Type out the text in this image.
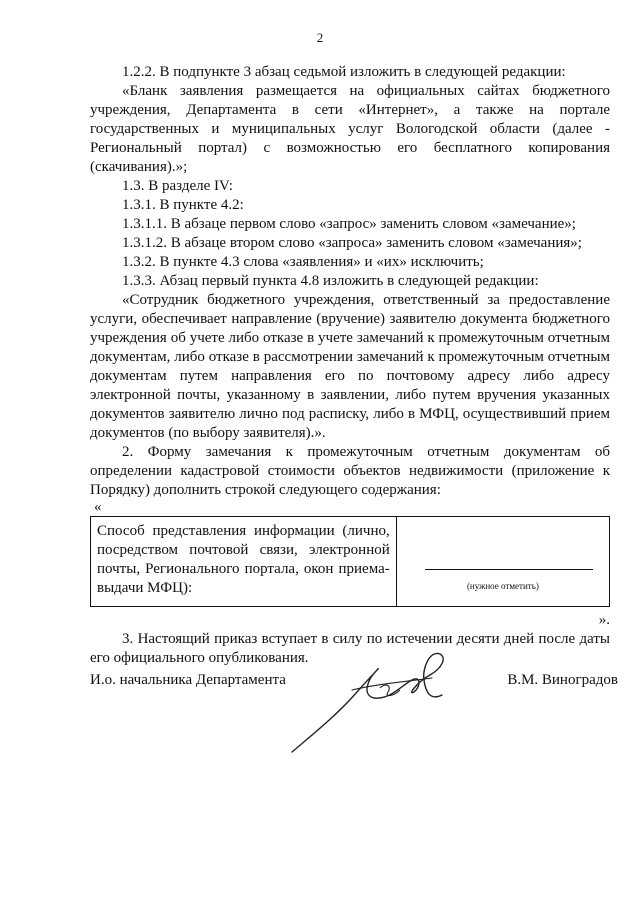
2

1.2.2. В подпункте 3 абзац седьмой изложить в следующей редакции:

«Бланк заявления размещается на официальных сайтах бюджетного учреждения, Департамента в сети «Интернет», а также на портале государственных и муниципальных услуг Вологодской области (далее - Региональный портал) с возможностью его бесплатного копирования (скачивания).»;

1.3. В разделе IV:

1.3.1. В пункте 4.2:

1.3.1.1. В абзаце первом слово «запрос» заменить словом «замечание»;

1.3.1.2. В абзаце втором слово «запроса» заменить словом «замечания»;

1.3.2. В пункте 4.3 слова «заявления» и «их» исключить;

1.3.3. Абзац первый пункта 4.8 изложить в следующей редакции:

«Сотрудник бюджетного учреждения, ответственный за предоставление услуги, обеспечивает направление (вручение) заявителю документа бюджетного учреждения об учете либо отказе в учете замечаний к промежуточным отчетным документам, либо отказе в рассмотрении замечаний к промежуточным отчетным документам путем направления его по почтовому адресу либо адресу электронной почты, указанному в заявлении, либо путем вручения указанных документов заявителю лично под расписку, либо в МФЦ, осуществивший прием документов (по выбору заявителя).».

2. Форму замечания к промежуточным отчетным документам об определении кадастровой стоимости объектов недвижимости (приложение к Порядку) дополнить строкой следующего содержания:

«

Способ представления информации (лично, посредством почтовой связи, электронной почты, Регионального портала, окон приема-выдачи МФЦ):	(нужное отметить)

».

3. Настоящий приказ вступает в силу по истечении десяти дней после даты его официального опубликования.

И.о. начальника Департамента	В.М. Виноградов
